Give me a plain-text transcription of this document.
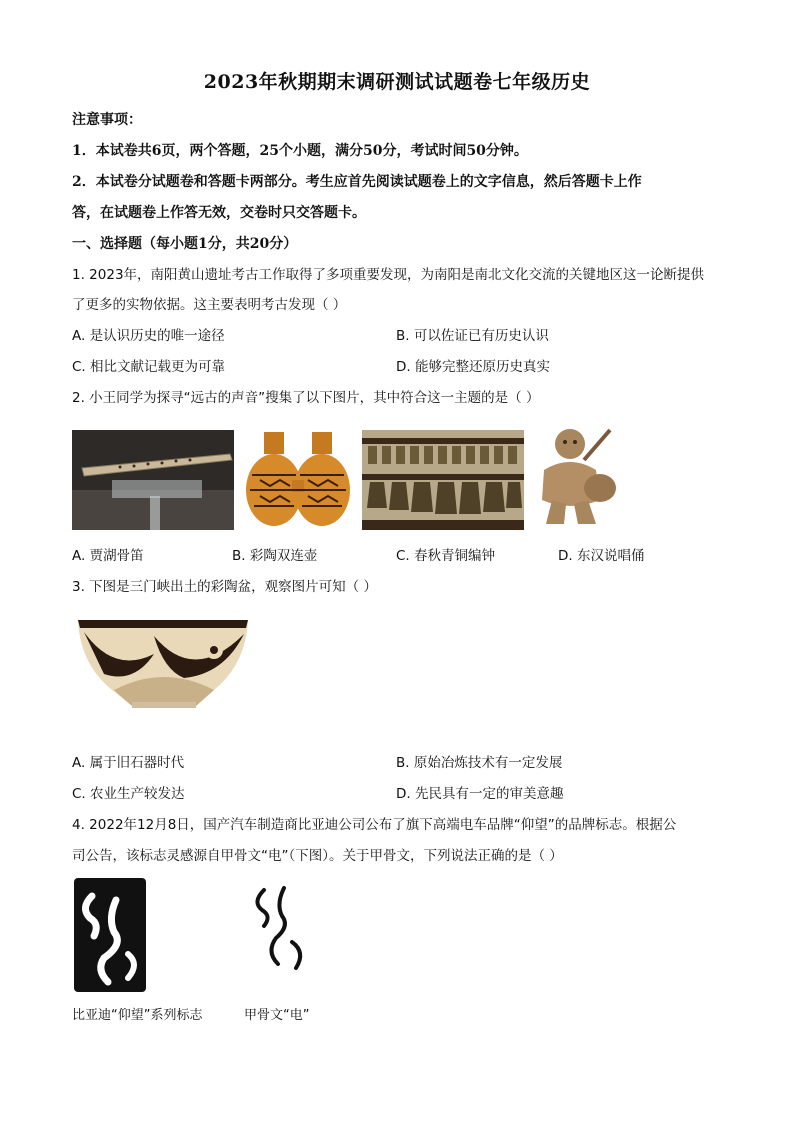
2023年秋期期末调研测试试题卷七年级历史
注意事项：
1．本试卷共6页，两个答题，25个小题，满分50分，考试时间50分钟。
2．本试卷分试题卷和答题卡两部分。考生应首先阅读试题卷上的文字信息，然后答题卡上作
答，在试题卷上作答无效，交卷时只交答题卡。
一、选择题（每小题1分，共20分）
1. 2023年，南阳黄山遗址考古工作取得了多项重要发现，为南阳是南北文化交流的关键地区这一论断提供
了更多的实物依据。这主要表明考古发现（ ）
A. 是认识历史的唯一途径	B. 可以佐证已有历史认识
C. 相比文献记载更为可靠	D. 能够完整还原历史真实
2. 小王同学为探寻“远古的声音”搜集了以下图片，其中符合这一主题的是（ ）
A. 贾湖骨笛	B. 彩陶双连壶	C. 春秋青铜编钟	D. 东汉说唱俑
3. 下图是三门峡出土的彩陶盆，观察图片可知（ ）
A. 属于旧石器时代	B. 原始冶炼技术有一定发展
C. 农业生产较发达	D. 先民具有一定的审美意趣
4. 2022年12月8日，国产汽车制造商比亚迪公司公布了旗下高端电车品牌“仰望”的品牌标志。根据公
司公告，该标志灵感源自甲骨文“电”（下图）。关于甲骨文，下列说法正确的是（ ）
比亚迪“仰望”系列标志	甲骨文“电”
